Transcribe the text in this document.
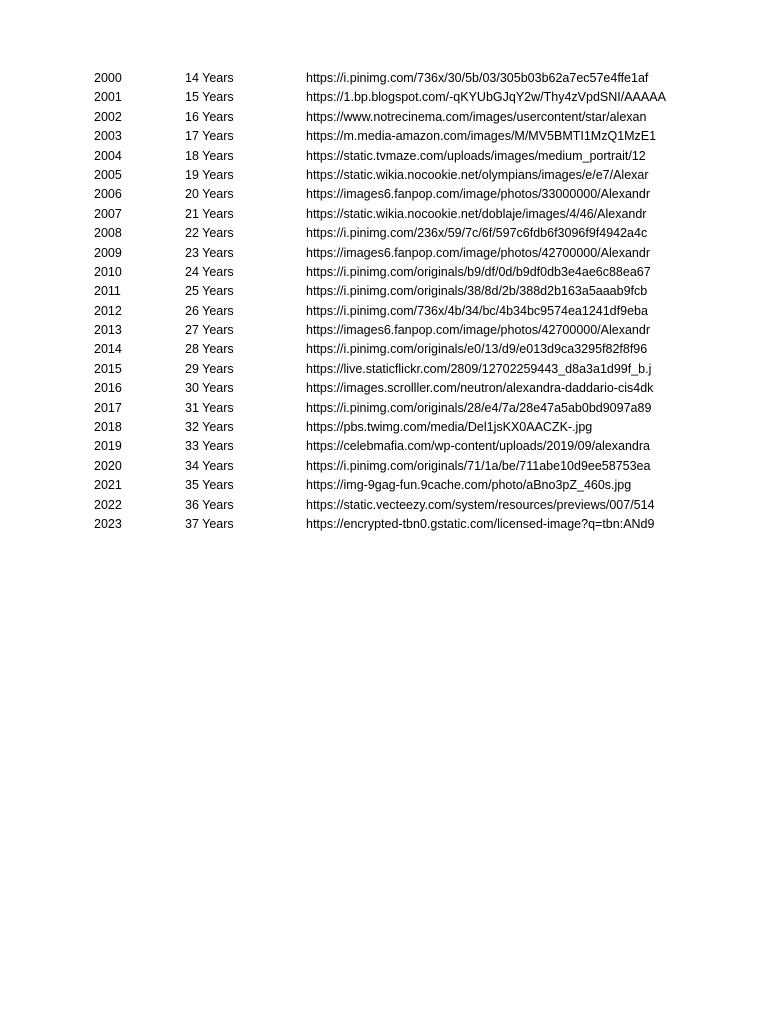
2000	14 Years	https://i.pinimg.com/736x/30/5b/03/305b03b62a7ec57e4ffe1af
2001	15 Years	https://1.bp.blogspot.com/-qKYUbGJqY2w/Thy4zVpdSNI/AAAAA
2002	16 Years	https://www.notrecinema.com/images/usercontent/star/alexan
2003	17 Years	https://m.media-amazon.com/images/M/MV5BMTI1MzQ1MzE1
2004	18 Years	https://static.tvmaze.com/uploads/images/medium_portrait/12
2005	19 Years	https://static.wikia.nocookie.net/olympians/images/e/e7/Alexar
2006	20 Years	https://images6.fanpop.com/image/photos/33000000/Alexandr
2007	21 Years	https://static.wikia.nocookie.net/doblaje/images/4/46/Alexandr
2008	22 Years	https://i.pinimg.com/236x/59/7c/6f/597c6fdb6f3096f9f4942a4c
2009	23 Years	https://images6.fanpop.com/image/photos/42700000/Alexandr
2010	24 Years	https://i.pinimg.com/originals/b9/df/0d/b9df0db3e4ae6c88ea67
2011	25 Years	https://i.pinimg.com/originals/38/8d/2b/388d2b163a5aaab9fcb
2012	26 Years	https://i.pinimg.com/736x/4b/34/bc/4b34bc9574ea1241df9eba
2013	27 Years	https://images6.fanpop.com/image/photos/42700000/Alexandr
2014	28 Years	https://i.pinimg.com/originals/e0/13/d9/e013d9ca3295f82f8f96
2015	29 Years	https://live.staticflickr.com/2809/12702259443_d8a3a1d99f_b.j
2016	30 Years	https://images.scrolller.com/neutron/alexandra-daddario-cis4dk
2017	31 Years	https://i.pinimg.com/originals/28/e4/7a/28e47a5ab0bd9097a89
2018	32 Years	https://pbs.twimg.com/media/Del1jsKX0AACZK-.jpg
2019	33 Years	https://celebmafia.com/wp-content/uploads/2019/09/alexandra
2020	34 Years	https://i.pinimg.com/originals/71/1a/be/711abe10d9ee58753ea
2021	35 Years	https://img-9gag-fun.9cache.com/photo/aBno3pZ_460s.jpg
2022	36 Years	https://static.vecteezy.com/system/resources/previews/007/514
2023	37 Years	https://encrypted-tbn0.gstatic.com/licensed-image?q=tbn:ANd9
